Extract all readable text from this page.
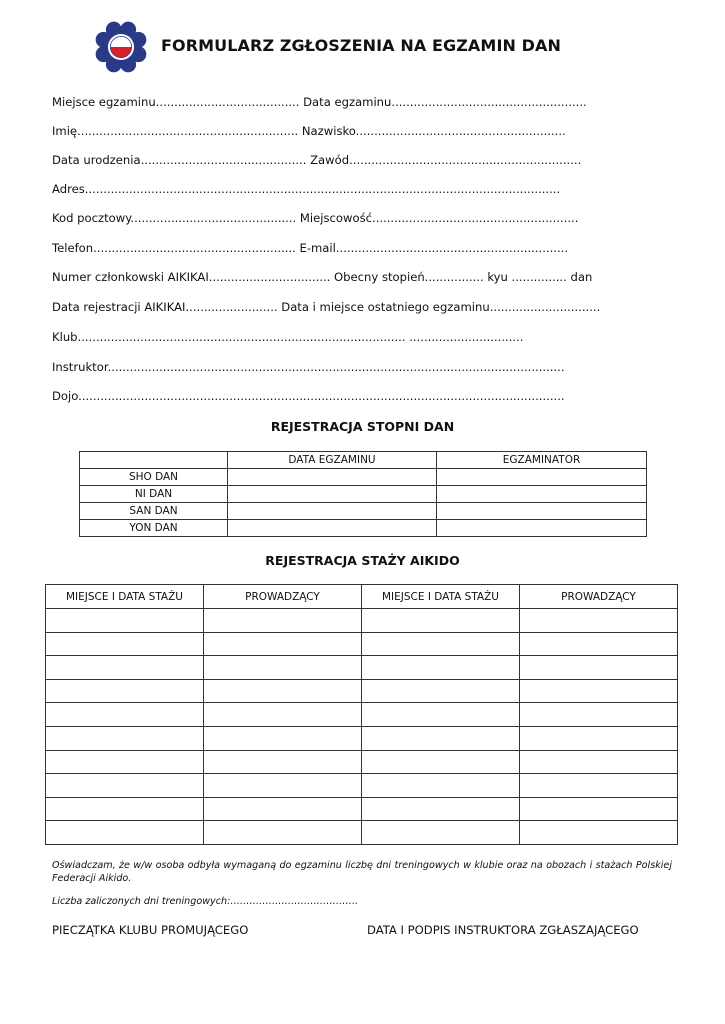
FORMULARZ ZGŁOSZENIA NA EGZAMIN DAN
Miejsce egzaminu....................................... Data egzaminu.....................................................
Imię............................................................ Nazwisko.........................................................
Data urodzenia............................................. Zawód...............................................................
Adres.................................................................................................................................
Kod pocztowy............................................. Miejscowość........................................................
Telefon....................................................... E-mail...............................................................
Numer członkowski AIKIKAI................................. Obecny stopień................ kyu ............... dan
Data rejestracji AIKIKAI......................... Data i miejsce ostatniego egzaminu..............................
Klub......................................................................................... ...............................
Instruktor............................................................................................................................
Dojo....................................................................................................................................
REJESTRACJA STOPNI DAN
	DATA EGZAMINU	EGZAMINATOR
SHO DAN		
NI DAN		
SAN DAN		
YON DAN		
REJESTRACJA STAŻY AIKIDO
MIEJSCE I DATA STAŻU	PROWADZĄCY	MIEJSCE I DATA STAŻU	PROWADZĄCY

Oświadczam, że w/w osoba odbyła wymaganą do egzaminu liczbę dni treningowych w klubie oraz na obozach i stażach Polskiej Federacji Aikido.
Liczba zaliczonych dni treningowych:………………………………….
PIECZĄTKA KLUBU PROMUJĄCEGO	DATA I PODPIS INSTRUKTORA ZGŁASZAJĄCEGO
